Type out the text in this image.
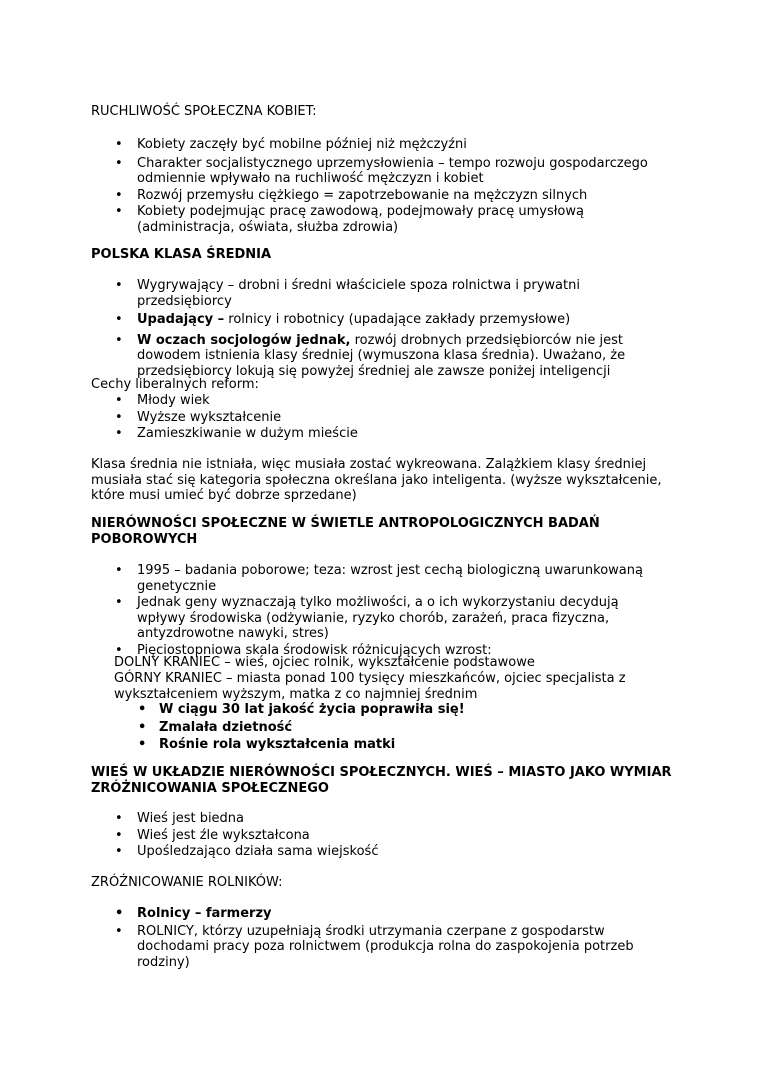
RUCHLIWOŚĆ SPOŁECZNA KOBIET:

• Kobiety zaczęły być mobilne później niż mężczyźni
• Charakter socjalistycznego uprzemysłowienia – tempo rozwoju gospodarczego odmiennie wpływało na ruchliwość mężczyzn i kobiet
• Rozwój przemysłu ciężkiego = zapotrzebowanie na mężczyzn silnych
• Kobiety podejmując pracę zawodową, podejmowały pracę umysłową (administracja, oświata, służba zdrowia)

POLSKA KLASA ŚREDNIA

• Wygrywający – drobni i średni właściciele spoza rolnictwa i prywatni przedsiębiorcy
• Upadający – rolnicy i robotnicy (upadające zakłady przemysłowe)
• W oczach socjologów jednak, rozwój drobnych przedsiębiorców nie jest dowodem istnienia klasy średniej (wymuszona klasa średnia). Uważano, że przedsiębiorcy lokują się powyżej średniej ale zawsze poniżej inteligencji

Cechy liberalnych reform:

• Młody wiek
• Wyższe wykształcenie
• Zamieszkiwanie w dużym mieście

Klasa średnia nie istniała, więc musiała zostać wykreowana. Zalążkiem klasy średniej musiała stać się kategoria społeczna określana jako inteligenta. (wyższe wykształcenie, które musi umieć być dobrze sprzedane)

NIERÓWNOŚCI SPOŁECZNE W ŚWIETLE ANTROPOLOGICZNYCH BADAŃ POBOROWYCH

• 1995 – badania poborowe; teza: wzrost jest cechą biologiczną uwarunkowaną genetycznie
• Jednak geny wyznaczają tylko możliwości, a o ich wykorzystaniu decydują wpływy środowiska (odżywianie, ryzyko chorób, zarażeń, praca fizyczna, antyzdrowotne nawyki, stres)
• Pięciostopniowa skala środowisk różnicujących wzrost:

DOLNY KRANIEC – wieś, ojciec rolnik, wykształcenie podstawowe

GÓRNY KRANIEC – miasta ponad 100 tysięcy mieszkańców, ojciec specjalista z wykształceniem wyższym, matka z co najmniej średnim

• W ciągu 30 lat jakość życia poprawiła się!
• Zmalała dzietność
• Rośnie rola wykształcenia matki

WIEŚ W UKŁADZIE NIERÓWNOŚCI SPOŁECZNYCH. WIEŚ – MIASTO JAKO WYMIAR ZRÓŻNICOWANIA SPOŁECZNEGO

• Wieś jest biedna
• Wieś jest źle wykształcona
• Upośledzająco działa sama wiejskość

ZRÓŻNICOWANIE ROLNIKÓW:

• Rolnicy – farmerzy
• ROLNICY, którzy uzupełniają środki utrzymania czerpane z gospodarstw dochodami pracy poza rolnictwem (produkcja rolna do zaspokojenia potrzeb rodziny)
